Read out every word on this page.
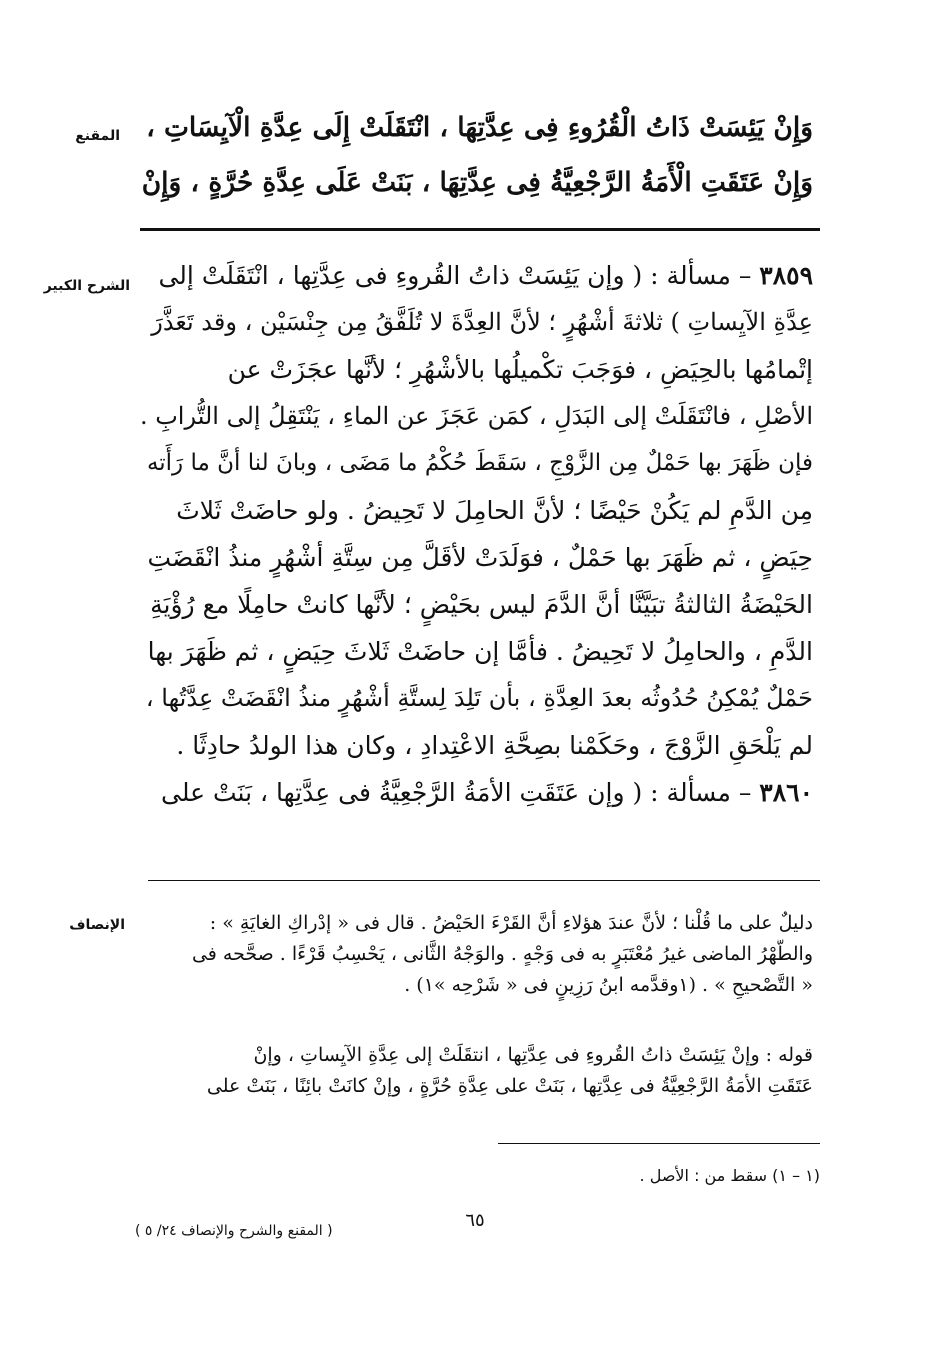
المقنع
الشرح الكبير
الإنصاف
وَإِنْ يَئِسَتْ ذَاتُ الْقُرُوءِ فِى عِدَّتِهَا ، انْتَقَلَتْ إِلَى عِدَّةِ الْآيِسَاتِ ،
وَإِنْ عَتَقَتِ الْأَمَةُ الرَّجْعِيَّةُ فِى عِدَّتِهَا ، بَنَتْ عَلَى عِدَّةِ حُرَّةٍ ، وَإِنْ
٣٨٥٩ – مسألة : ( وإن يَئِسَتْ ذاتُ القُروءِ فى عِدَّتِها ، انْتَقَلَتْ إلى
عِدَّةِ الآيِساتِ ) ثلاثةَ أشْهُرٍ ؛ لأنَّ العِدَّةَ لا تُلَفَّقُ مِن جِنْسَيْن ، وقد تَعَذَّرَ
إتْمامُها بالحِيَضِ ، فوَجَبَ تكْميلُها بالأشْهُرِ ؛ لأنَّها عجَزَتْ عن
الأصْلِ ، فانْتَقَلَتْ إلى البَدَلِ ، كمَن عَجَزَ عن الماءِ ، يَنْتَقِلُ إلى التُّرابِ .
فإن ظَهَرَ بها حَمْلٌ مِن الزَّوْجِ ، سَقَطَ حُكْمُ ما مَضَى ، وبانَ لنا أنَّ ما رَأَته
مِن الدَّمِ لم يَكُنْ حَيْضًا ؛ لأنَّ الحامِلَ لا تَحِيضُ . ولو حاضَتْ ثَلاثَ
حِيَضٍ ، ثم ظَهَرَ بها حَمْلٌ ، فوَلَدَتْ لأقَلَّ مِن سِتَّةِ أشْهُرٍ منذُ انْقَضَتِ
الحَيْضَةُ الثالثةُ تبَيَّنَّا أنَّ الدَّمَ ليس بحَيْضٍ ؛ لأنَّها كانتْ حامِلًا مع رُؤْيَةِ
الدَّمِ ، والحامِلُ لا تَحِيضُ . فأمَّا إن حاضَتْ ثَلاثَ حِيَضٍ ، ثم ظَهَرَ بها
حَمْلٌ يُمْكِنُ حُدُوثُه بعدَ العِدَّةِ ، بأن تَلِدَ لِستَّةِ أشْهُرٍ منذُ انْقَضَتْ عِدَّتُها ،
لم يَلْحَقِ الزَّوْجَ ، وحَكَمْنا بصِحَّةِ الاعْتِدادِ ، وكان هذا الولدُ حادِثًا .
٣٨٦٠ – مسألة : ( وإن عَتَقَتِ الأمَةُ الرَّجْعِيَّةُ فى عِدَّتِها ، بَنَتْ على
دليلٌ على ما قُلْنا ؛ لأنَّ عندَ هؤلاءِ أنَّ القَرْءَ الحَيْضُ . قال فى « إدْراكِ الغايَةِ » :
والطُّهْرُ الماضى غيرُ مُعْتَبَرٍ به فى وَجْهٍ . والوَجْهُ الثَّانى ، يَحْسِبُ قَرْءًا . صحَّحه فى
« التَّصْحيحِ » . (١وقدَّمه ابنُ رَزِينٍ فى « شَرْحِه »١) .
قوله : وإنْ يَئِسَتْ ذاتُ القُروءِ فى عِدَّتِها ، انتقَلَتْ إلى عِدَّةِ الآيِساتِ ، وإنْ
عَتَقَتِ الأمَةُ الرَّجْعِيَّةُ فى عِدَّتِها ، بَنَتْ على عِدَّةِ حُرَّةٍ ، وإنْ كانَتْ بائِنًا ، بَنَتْ على
(١ – ١) سقط من : الأصل .
٦٥
( المقنع والشرح والإنصاف ٢٤/ ٥ )
